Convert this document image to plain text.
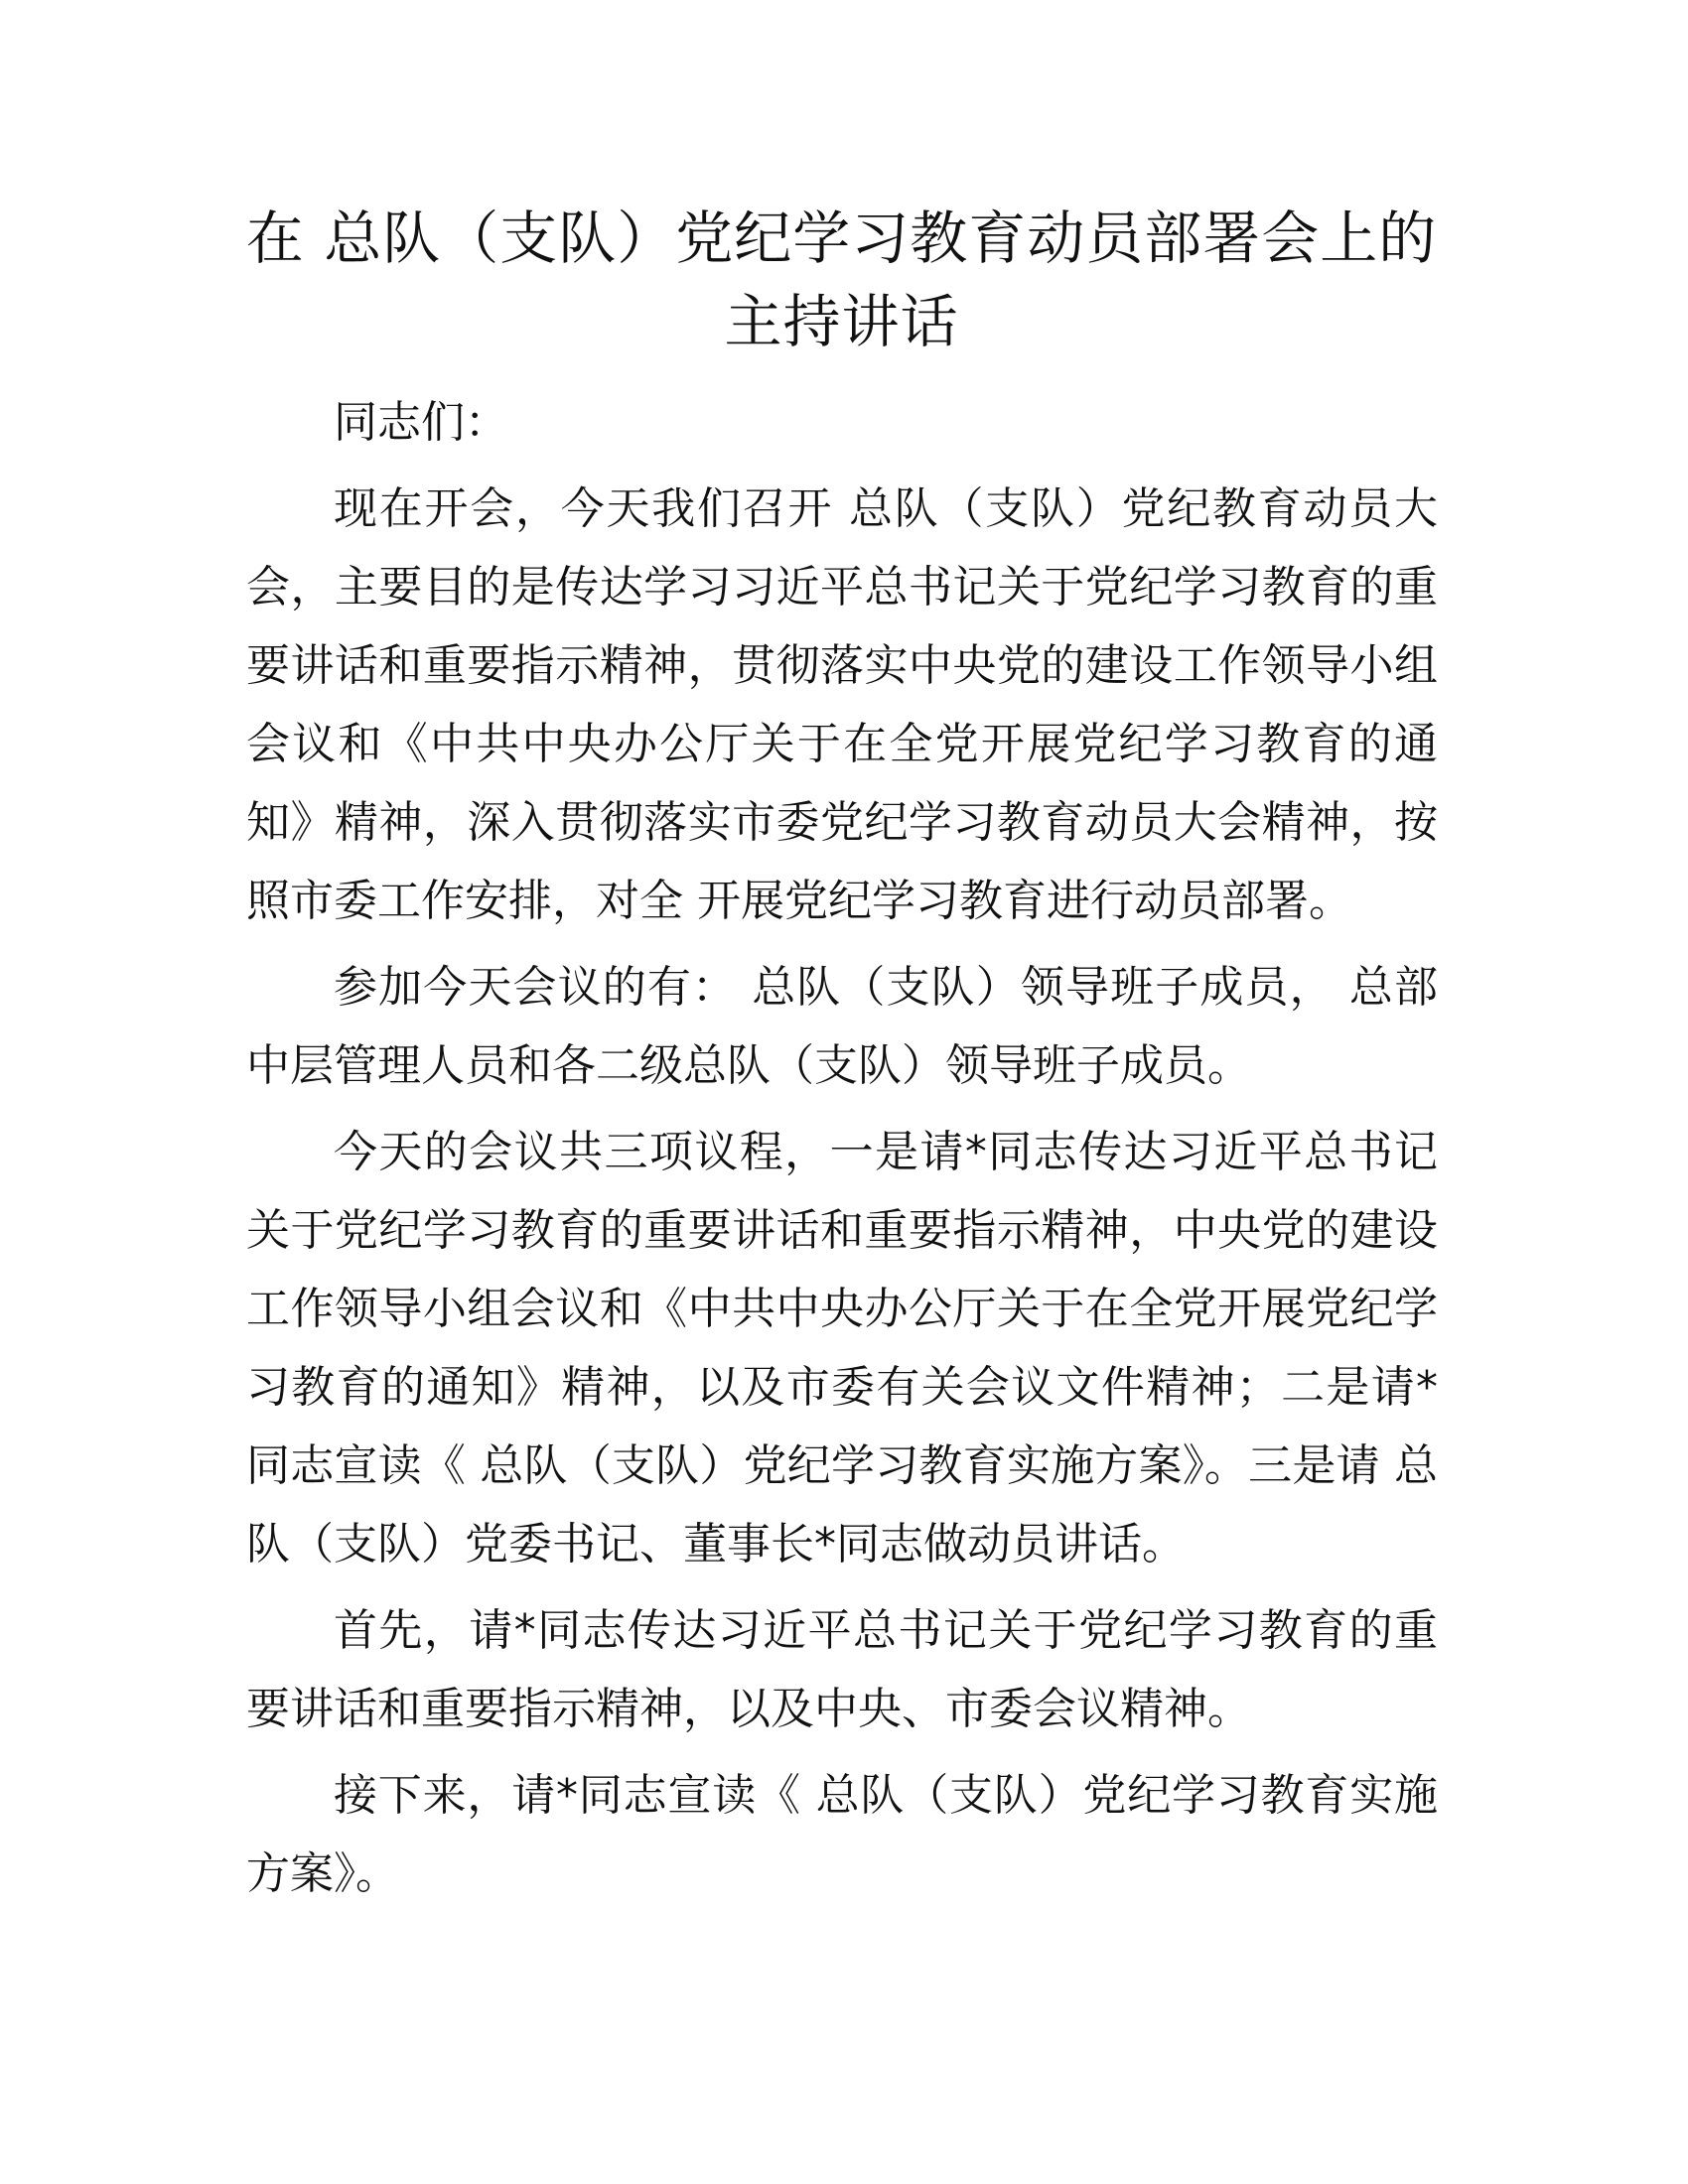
在 总队（支队）党纪学习教育动员部署会上的
主持讲话

同志们：

现在开会，今天我们召开 总队（支队）党纪教育动员大会，主要目的是传达学习习近平总书记关于党纪学习教育的重要讲话和重要指示精神，贯彻落实中央党的建设工作领导小组会议和《中共中央办公厅关于在全党开展党纪学习教育的通知》精神，深入贯彻落实市委党纪学习教育动员大会精神，按照市委工作安排，对全 开展党纪学习教育进行动员部署。

参加今天会议的有： 总队（支队）领导班子成员， 总部中层管理人员和各二级总队（支队）领导班子成员。

今天的会议共三项议程，一是请*同志传达习近平总书记关于党纪学习教育的重要讲话和重要指示精神，中央党的建设工作领导小组会议和《中共中央办公厅关于在全党开展党纪学习教育的通知》精神，以及市委有关会议文件精神；二是请*同志宣读《 总队（支队）党纪学习教育实施方案》。三是请 总队（支队）党委书记、董事长*同志做动员讲话。

首先，请*同志传达习近平总书记关于党纪学习教育的重要讲话和重要指示精神，以及中央、市委会议精神。

接下来，请*同志宣读《 总队（支队）党纪学习教育实施方案》。
